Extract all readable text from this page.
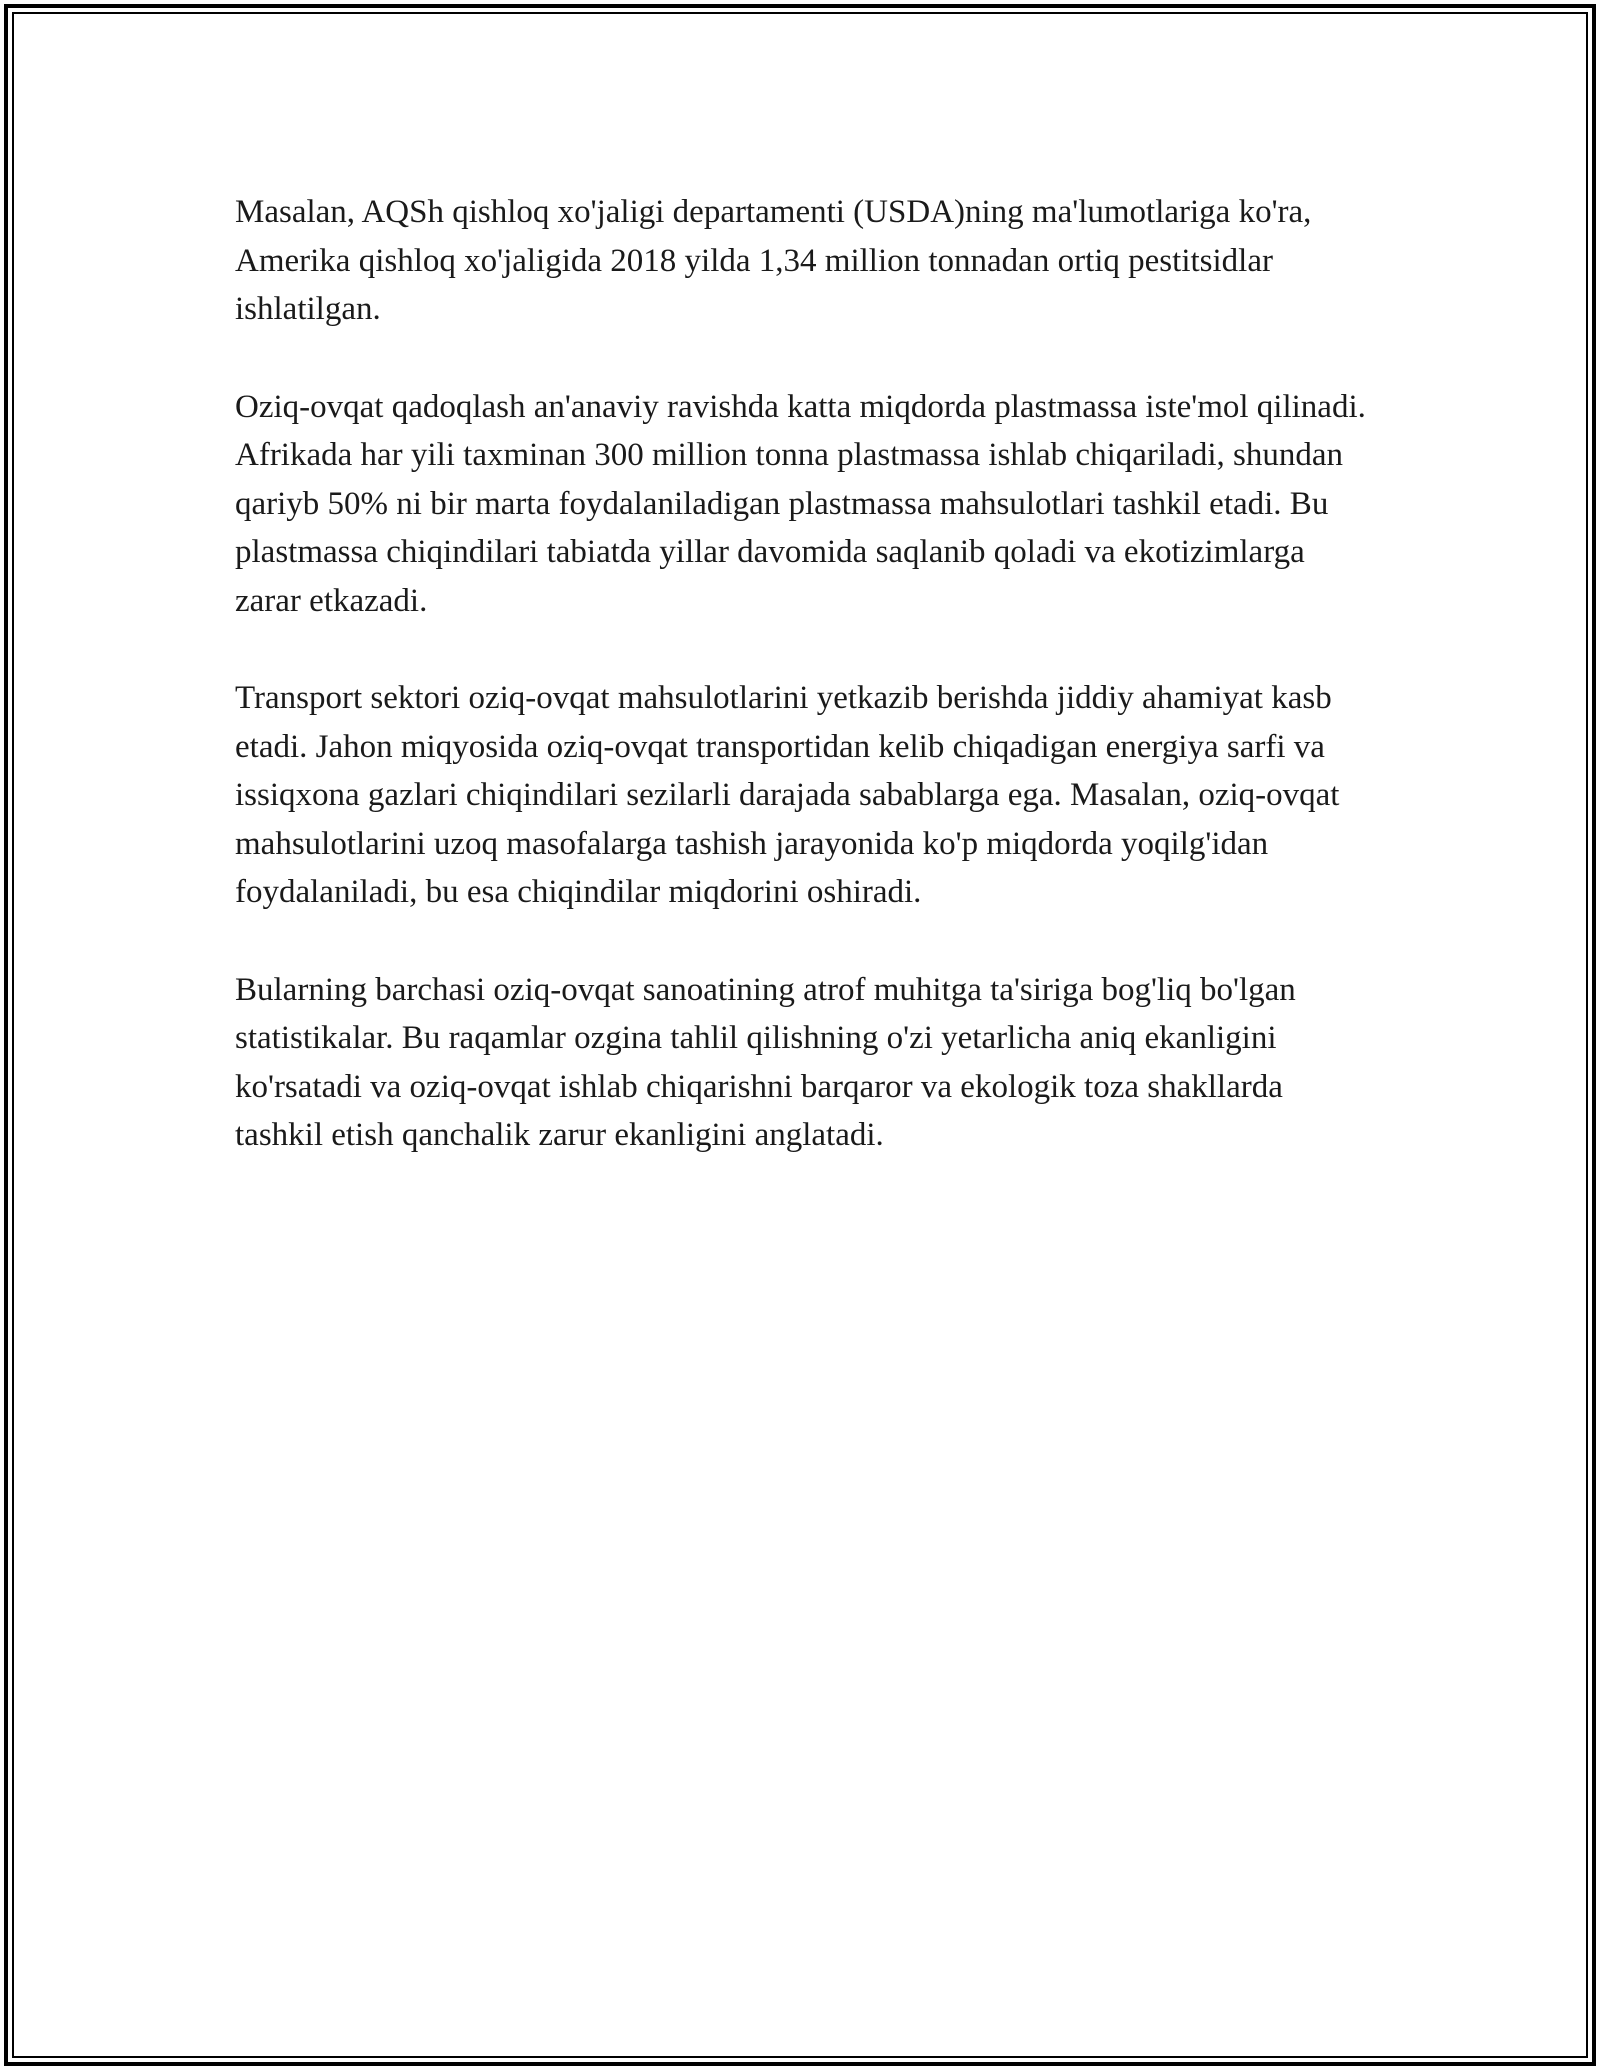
Masalan, AQSh qishloq xo'jaligi departamenti (USDA)ning ma'lumotlariga ko'ra, Amerika qishloq xo'jaligida 2018 yilda 1,34 million tonnadan ortiq pestitsidlar ishlatilgan.

Oziq-ovqat qadoqlash an'anaviy ravishda katta miqdorda plastmassa iste'mol qilinadi. Afrikada har yili taxminan 300 million tonna plastmassa ishlab chiqariladi, shundan qariyb 50% ni bir marta foydalaniladigan plastmassa mahsulotlari tashkil etadi. Bu plastmassa chiqindilari tabiatda yillar davomida saqlanib qoladi va ekotizimlarga zarar etkazadi.

Transport sektori oziq-ovqat mahsulotlarini yetkazib berishda jiddiy ahamiyat kasb etadi. Jahon miqyosida oziq-ovqat transportidan kelib chiqadigan energiya sarfi va issiqxona gazlari chiqindilari sezilarli darajada sabablarga ega. Masalan, oziq-ovqat mahsulotlarini uzoq masofalarga tashish jarayonida ko'p miqdorda yoqilg'idan foydalaniladi, bu esa chiqindilar miqdorini oshiradi.

Bularning barchasi oziq-ovqat sanoatining atrof muhitga ta'siriga bog'liq bo'lgan statistikalar. Bu raqamlar ozgina tahlil qilishning o'zi yetarlicha aniq ekanligini ko'rsatadi va oziq-ovqat ishlab chiqarishni barqaror va ekologik toza shakllarda tashkil etish qanchalik zarur ekanligini anglatadi.
